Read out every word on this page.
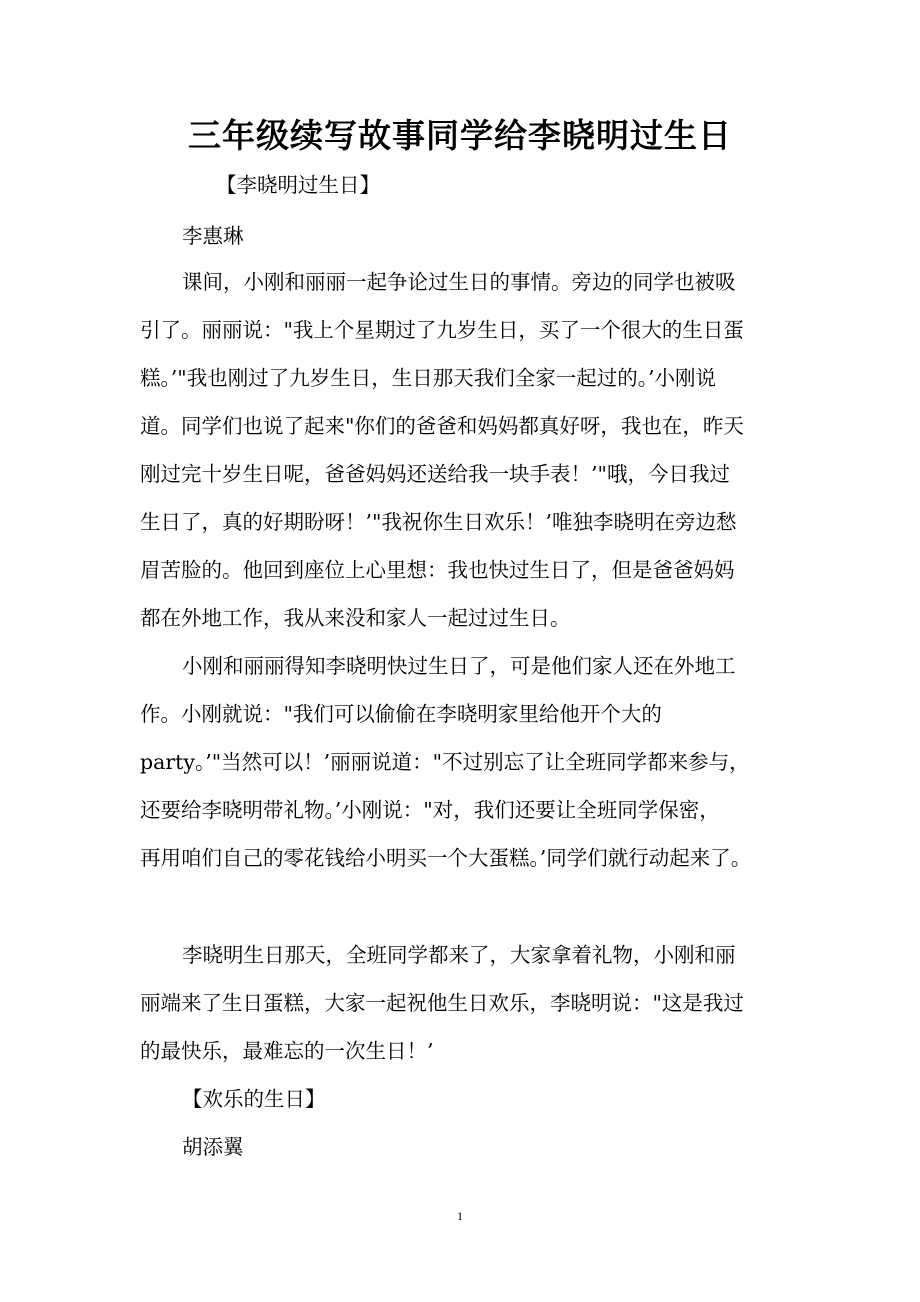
三年级续写故事同学给李晓明过生日
【李晓明过生日】
李惠琳
课间，小刚和丽丽一起争论过生日的事情。旁边的同学也被吸
引了。丽丽说："我上个星期过了九岁生日，买了一个很大的生日蛋
糕。’"我也刚过了九岁生日，生日那天我们全家一起过的。’小刚说
道。同学们也说了起来"你们的爸爸和妈妈都真好呀，我也在，昨天
刚过完十岁生日呢，爸爸妈妈还送给我一块手表！’"哦，今日我过
生日了，真的好期盼呀！’"我祝你生日欢乐！’唯独李晓明在旁边愁
眉苦脸的。他回到座位上心里想：我也快过生日了，但是爸爸妈妈
都在外地工作，我从来没和家人一起过过生日。
小刚和丽丽得知李晓明快过生日了，可是他们家人还在外地工
作。小刚就说："我们可以偷偷在李晓明家里给他开个大的
party。’"当然可以！’丽丽说道："不过别忘了让全班同学都来参与，
还要给李晓明带礼物。’小刚说："对，我们还要让全班同学保密，
再用咱们自己的零花钱给小明买一个大蛋糕。’同学们就行动起来了。
李晓明生日那天，全班同学都来了，大家拿着礼物，小刚和丽
丽端来了生日蛋糕，大家一起祝他生日欢乐，李晓明说："这是我过
的最快乐，最难忘的一次生日！’
【欢乐的生日】
胡添翼
1
